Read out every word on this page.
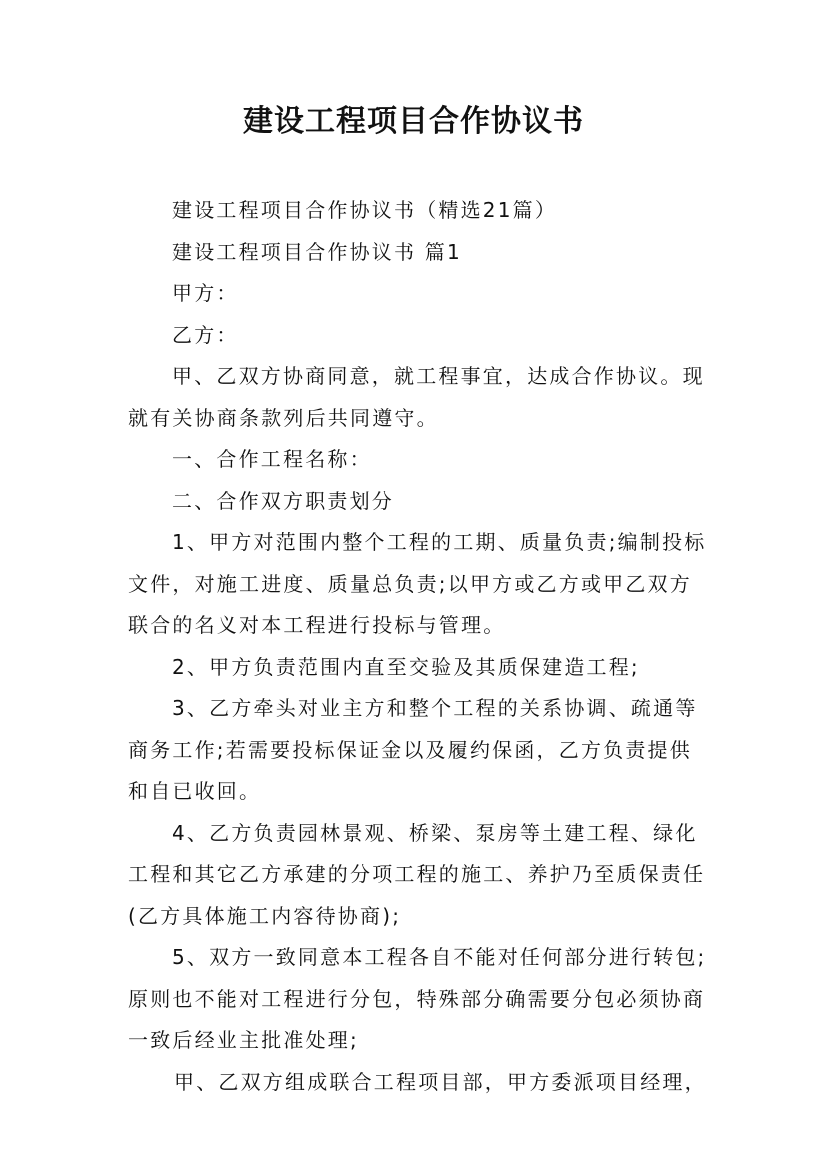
建设工程项目合作协议书

建设工程项目合作协议书（精选21篇）

建设工程项目合作协议书 篇1

甲方：

乙方：

甲、乙双方协商同意，就工程事宜，达成合作协议。现就有关协商条款列后共同遵守。

一、合作工程名称：

二、合作双方职责划分

1、甲方对范围内整个工程的工期、质量负责;编制投标文件，对施工进度、质量总负责;以甲方或乙方或甲乙双方联合的名义对本工程进行投标与管理。

2、甲方负责范围内直至交验及其质保建造工程;

3、乙方牵头对业主方和整个工程的关系协调、疏通等商务工作;若需要投标保证金以及履约保函，乙方负责提供和自已收回。

4、乙方负责园林景观、桥梁、泵房等土建工程、绿化工程和其它乙方承建的分项工程的施工、养护乃至质保责任(乙方具体施工内容待协商);

5、双方一致同意本工程各自不能对任何部分进行转包;原则也不能对工程进行分包，特殊部分确需要分包必须协商一致后经业主批准处理;

甲、乙双方组成联合工程项目部，甲方委派项目经理，
